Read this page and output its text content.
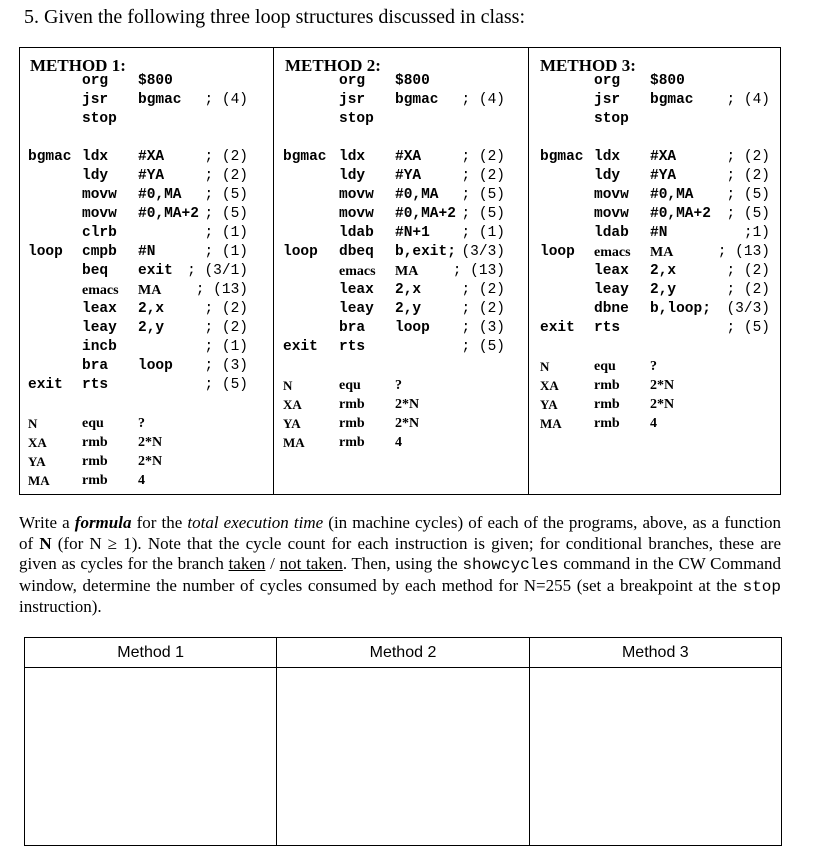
5. Given the following three loop structures discussed in class:
METHOD 1:
org $800
jsr bgmac	; (4)
stop
bgmac ldx #XA	; (2)
ldy #YA	; (2)
movw #0,MA	; (5)
movw #0,MA+2 ; (5)
clrb	; (1)
loop cmpb #N	; (1)
beq exit ; (3/1)
emacs MA	; (13)
leax 2,x	; (2)
leay 2,y	; (2)
incb	; (1)
bra loop	; (3)
exit rts	; (5)
N	equ ?
XA	rmb 2*N
YA	rmb 2*N
MA rmb 4
METHOD 2:
org $800
jsr bgmac	; (4)
stop
bgmac ldx #XA	; (2)
ldy #YA	; (2)
movw #0,MA	; (5)
movw #0,MA+2 ; (5)
ldab #N+1	; (1)
loop dbeq b,exit; (3/3)
emacs MA	; (13)
leax 2,x	; (2)
leay 2,y	; (2)
bra loop	; (3)
exit rts	; (5)
N	equ ?
XA	rmb 2*N
YA	rmb 2*N
MA rmb 4
METHOD 3:
org $800
jsr bgmac	; (4)
stop
bgmac ldx #XA	; (2)
ldy #YA	; (2)
movw #0,MA	; (5)
movw #0,MA+2	; (5)
ldab #N	;1)
loop emacs MA	; (13)
leax 2,x	; (2)
leay 2,y	; (2)
dbne b,loop;	(3/3)
exit rts	; (5)
N	equ ?
XA	rmb 2*N
YA	rmb 2*N
MA rmb 4
Write a formula for the total execution time (in machine cycles) of each of the programs, above, as a function of N (for N ≥ 1). Note that the cycle count for each instruction is given; for conditional branches, these are given as cycles for the branch taken / not taken. Then, using the showcycles command in the CW Command window, determine the number of cycles consumed by each method for N=255 (set a breakpoint at the stop instruction).
Method 1	Method 2	Method 3
